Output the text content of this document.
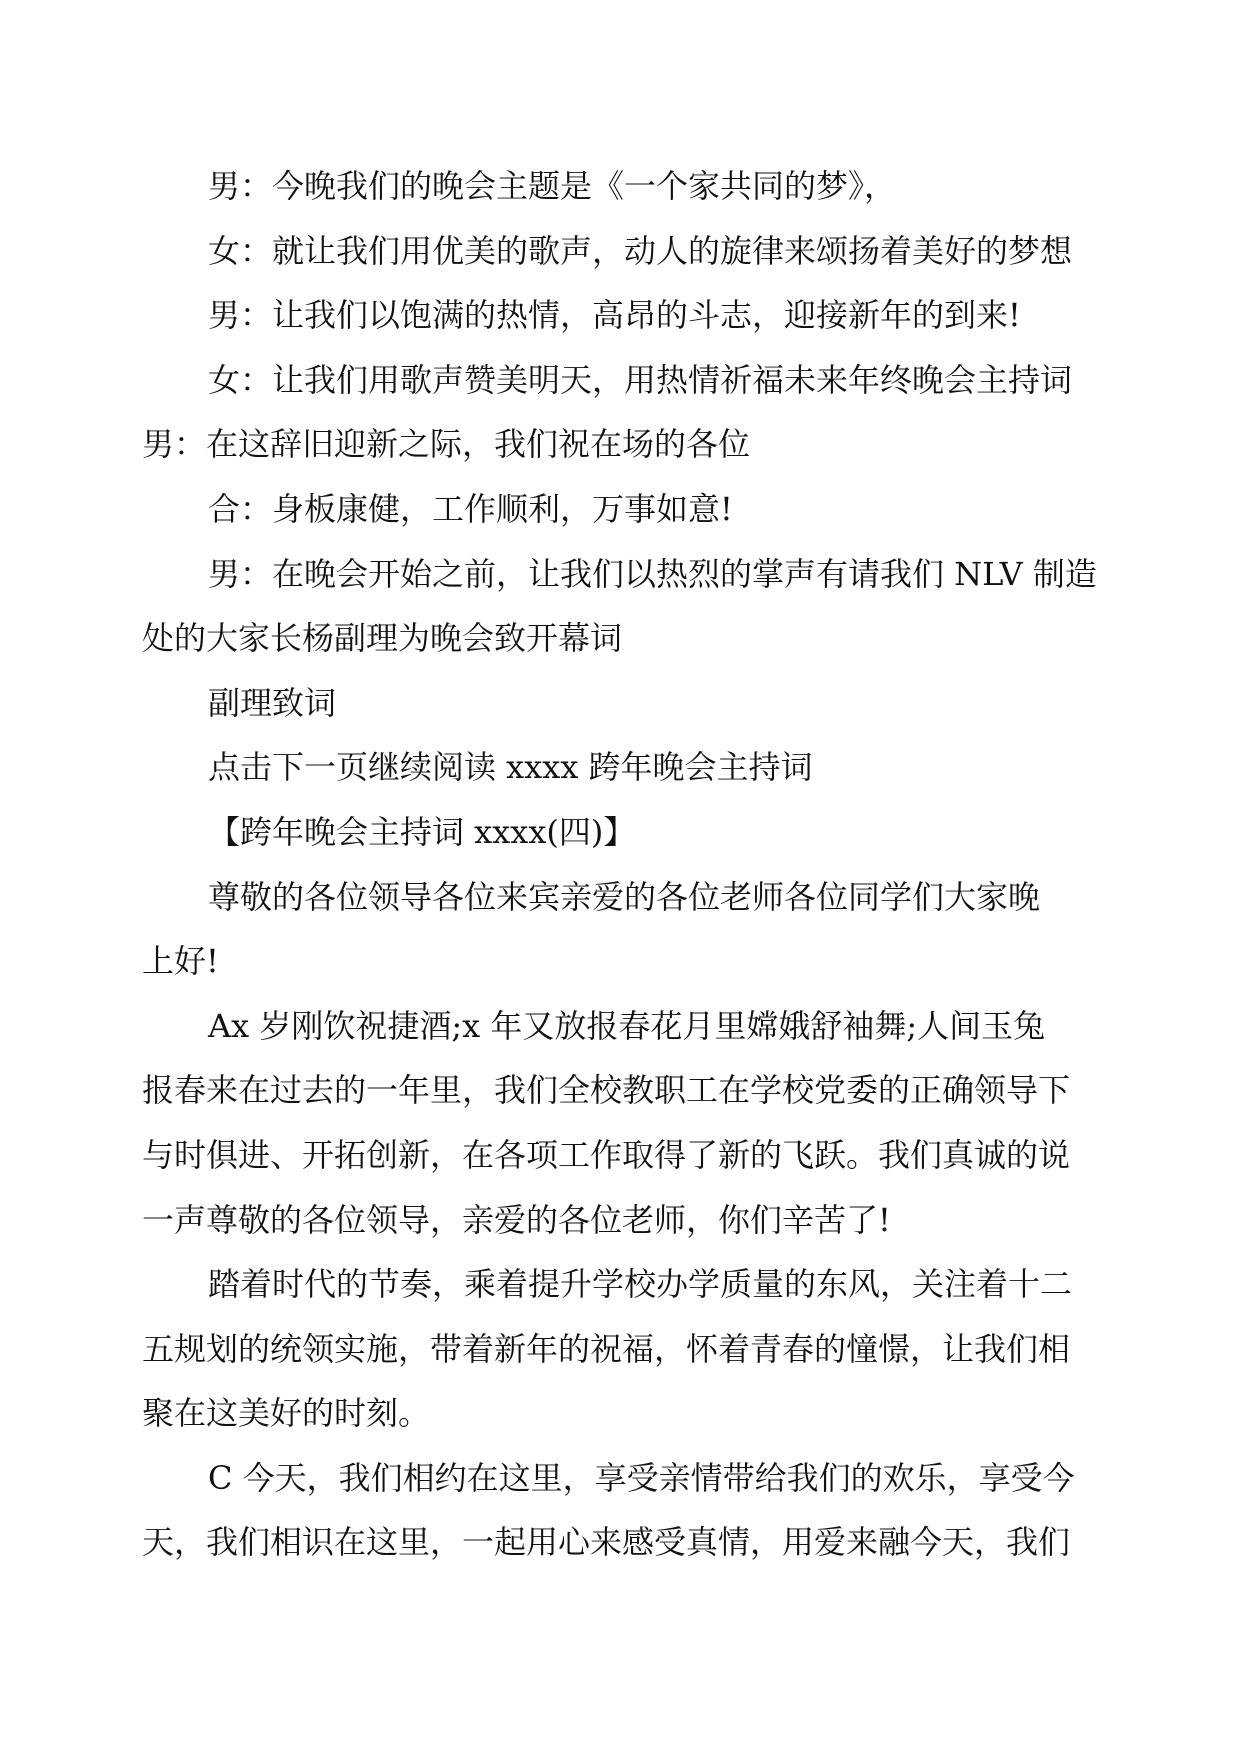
男：今晚我们的晚会主题是《一个家共同的梦》，
女：就让我们用优美的歌声，动人的旋律来颂扬着美好的梦想
男：让我们以饱满的热情，高昂的斗志，迎接新年的到来!
女：让我们用歌声赞美明天，用热情祈福未来年终晚会主持词
男：在这辞旧迎新之际，我们祝在场的各位
合：身板康健，工作顺利，万事如意!
男：在晚会开始之前，让我们以热烈的掌声有请我们 NLV 制造
处的大家长杨副理为晚会致开幕词
副理致词
点击下一页继续阅读 xxxx 跨年晚会主持词
【跨年晚会主持词 xxxx(四)】
尊敬的各位领导各位来宾亲爱的各位老师各位同学们大家晚
上好!
Ax 岁刚饮祝捷酒;x 年又放报春花月里嫦娥舒袖舞;人间玉兔
报春来在过去的一年里，我们全校教职工在学校党委的正确领导下
与时俱进、开拓创新，在各项工作取得了新的飞跃。我们真诚的说
一声尊敬的各位领导，亲爱的各位老师，你们辛苦了!
踏着时代的节奏，乘着提升学校办学质量的东风，关注着十二
五规划的统领实施，带着新年的祝福，怀着青春的憧憬，让我们相
聚在这美好的时刻。
C 今天，我们相约在这里，享受亲情带给我们的欢乐，享受今
天，我们相识在这里，一起用心来感受真情，用爱来融今天，我们
